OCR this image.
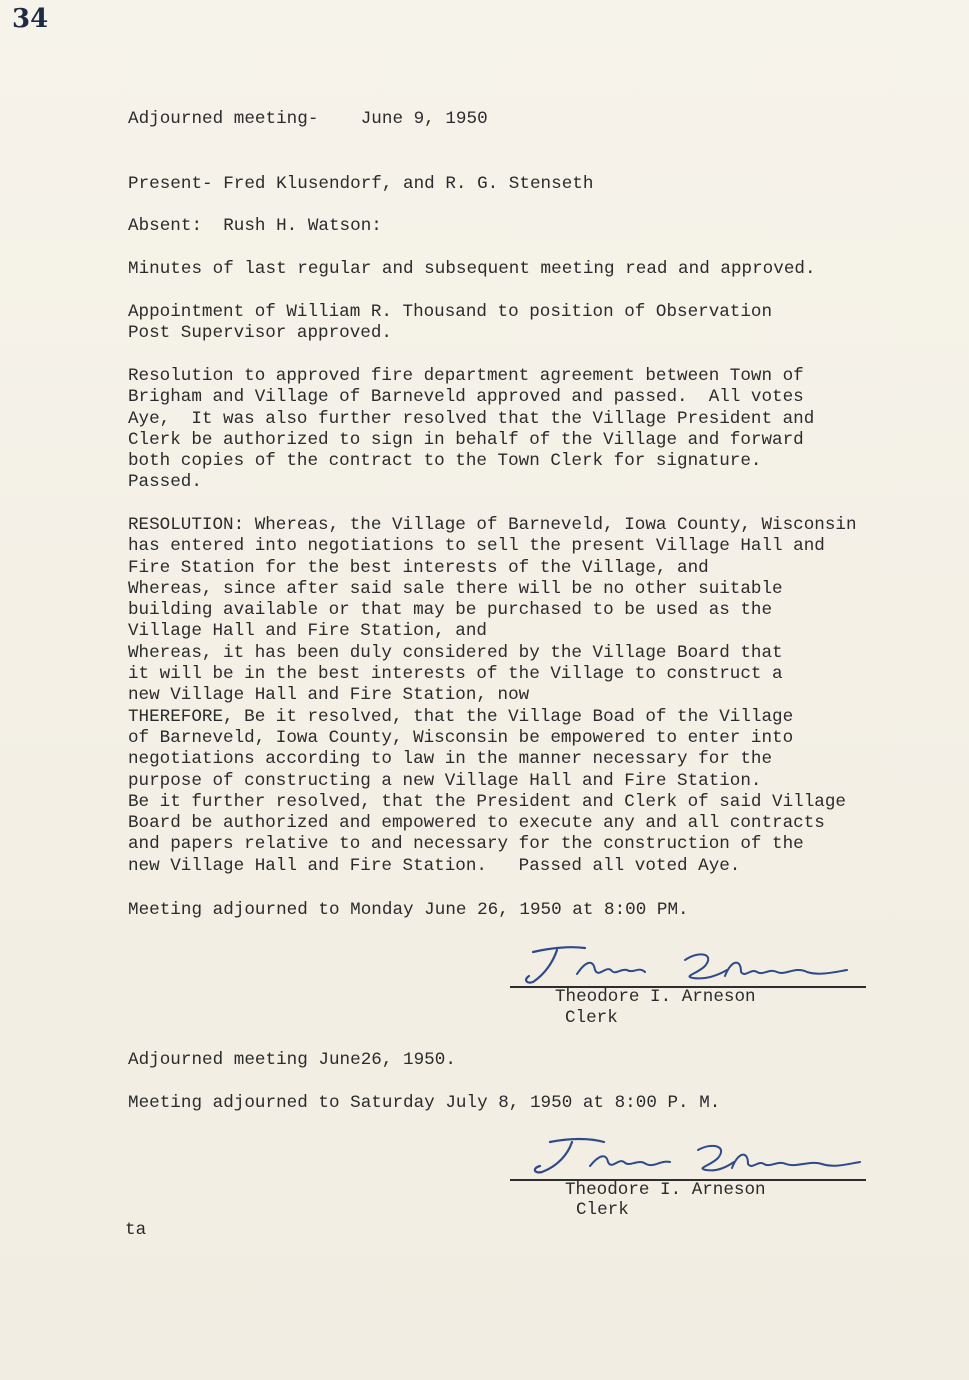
34
Adjourned meeting-    June 9, 1950
Present- Fred Klusendorf, and R. G. Stenseth
Absent:  Rush H. Watson:
Minutes of last regular and subsequent meeting read and approved.
Appointment of William R. Thousand to position of Observation
Post Supervisor approved.
Resolution to approved fire department agreement between Town of
Brigham and Village of Barneveld approved and passed.  All votes
Aye,  It was also further resolved that the Village President and
Clerk be authorized to sign in behalf of the Village and forward
both copies of the contract to the Town Clerk for signature.
Passed.
RESOLUTION: Whereas, the Village of Barneveld, Iowa County, Wisconsin
has entered into negotiations to sell the present Village Hall and
Fire Station for the best interests of the Village, and
Whereas, since after said sale there will be no other suitable
building available or that may be purchased to be used as the
Village Hall and Fire Station, and
Whereas, it has been duly considered by the Village Board that
it will be in the best interests of the Village to construct a
new Village Hall and Fire Station, now
THEREFORE, Be it resolved, that the Village Boad of the Village
of Barneveld, Iowa County, Wisconsin be empowered to enter into
negotiations according to law in the manner necessary for the
purpose of constructing a new Village Hall and Fire Station.
Be it further resolved, that the President and Clerk of said Village
Board be authorized and empowered to execute any and all contracts
and papers relative to and necessary for the construction of the
new Village Hall and Fire Station.   Passed all voted Aye.
Meeting adjourned to Monday June 26, 1950 at 8:00 PM.
Theodore I. Arneson
Clerk
Adjourned meeting June26, 1950.
Meeting adjourned to Saturday July 8, 1950 at 8:00 P. M.
Theodore I. Arneson
Clerk
ta
